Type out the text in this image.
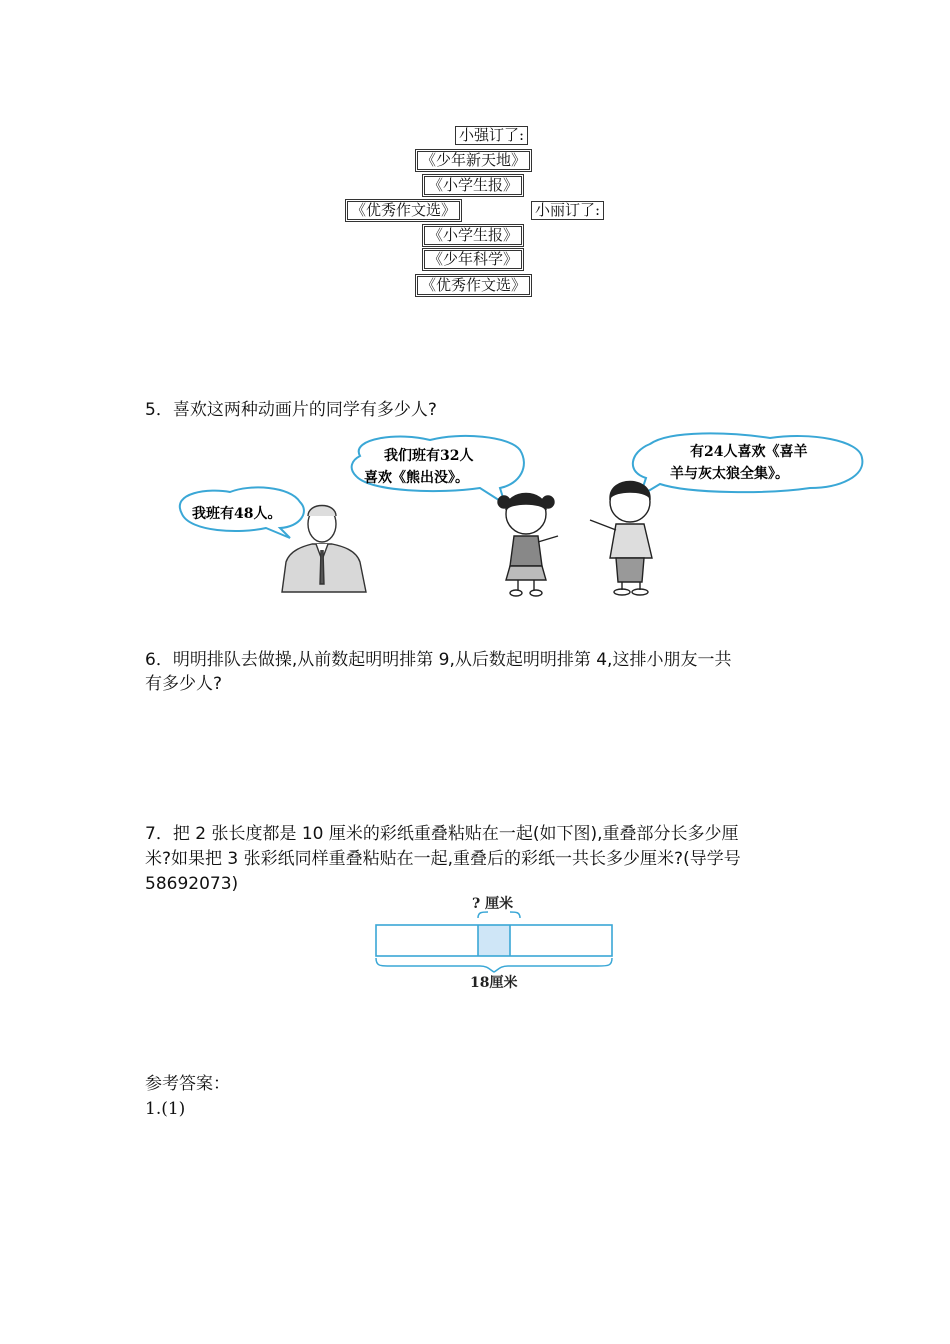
小强订了:
《少年新天地》
《小学生报》
《优秀作文选》	小丽订了:
《小学生报》
《少年科学》
《优秀作文选》
5．喜欢这两种动画片的同学有多少人?
我班有48人。
我们班有32人
喜欢《熊出没》。
有24人喜欢《喜羊
羊与灰太狼全集》。
6．明明排队去做操,从前数起明明排第 9,从后数起明明排第 4,这排小朋友一共
有多少人?
7．把 2 张长度都是 10 厘米的彩纸重叠粘贴在一起(如下图),重叠部分长多少厘
米?如果把 3 张彩纸同样重叠粘贴在一起,重叠后的彩纸一共长多少厘米?(导学号
58692073)
? 厘米
18厘米
参考答案：
1.(1)
